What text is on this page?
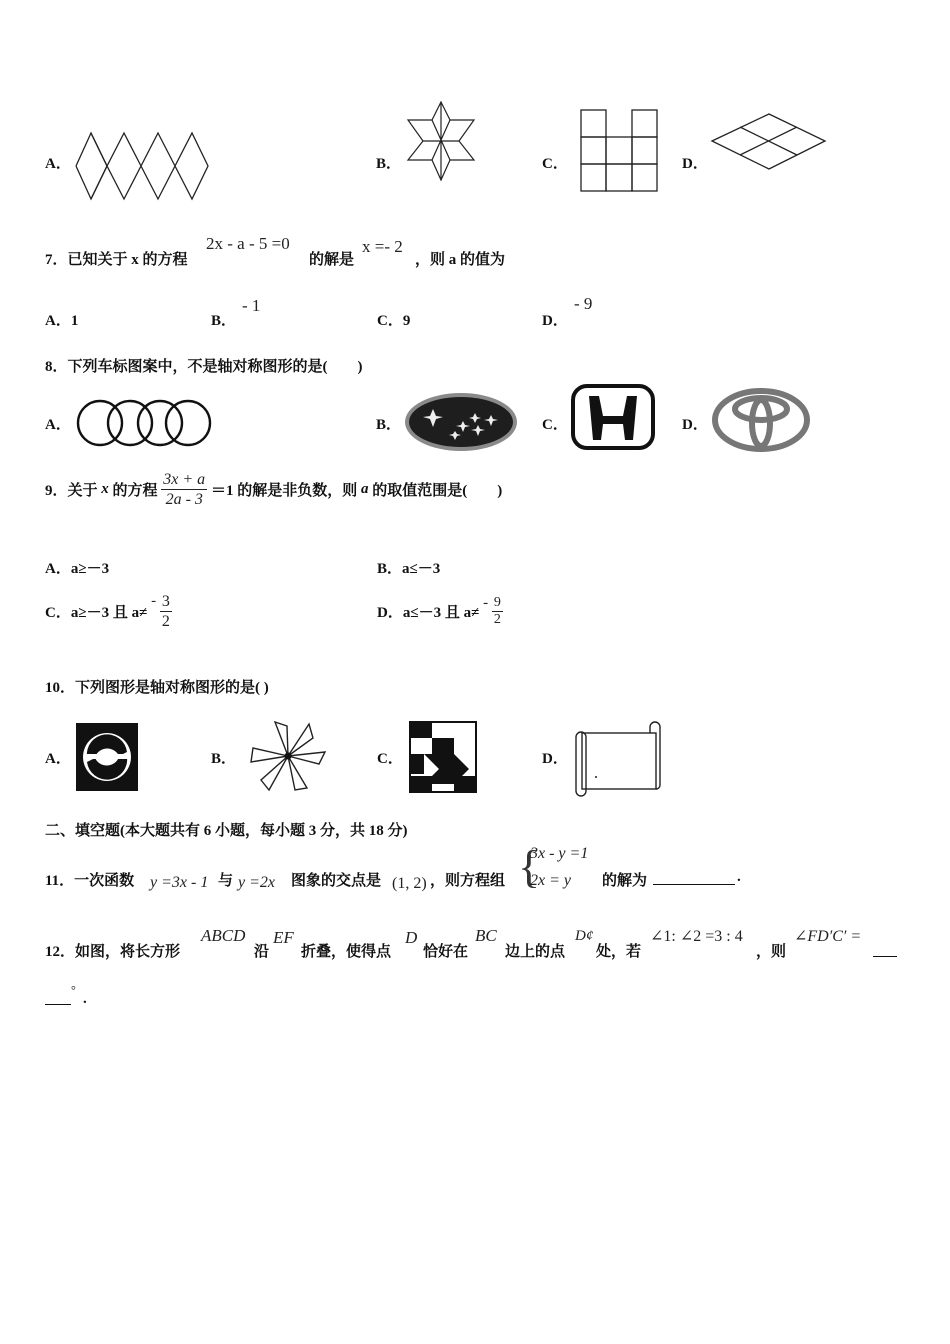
A．	B．	C．	D．
7．已知关于 x 的方程
2x - a - 5 =0
的解是
x =- 2
，则 a 的值为
A．1	B．
- 1
C．9	D．
- 9
8．下列车标图案中，不是轴对称图形的是(　　)
A．	B．	C．	D．
9．关于 x 的方程 $\frac{3x + a}{2a - 3} =1$ 的解是非负数，则 a 的取值范围是(　　)
A．a≥－3	B．a≤－3
C．a≥－3 且 $a\ne - \frac{3}{2}$	D．a≤－3 且 $a\ne - \frac{9}{2}$
10．下列图形是轴对称图形的是( )
A．	B．	C．	D．
二、填空题(本大题共有 6 小题，每小题 3 分，共 18 分)
11．一次函数 y =3x - 1 与 y =2x 图象的交点是 (1, 2) ，则方程组 {
3x - y =1
2x = y 的解为	.
12．如图，将长方形
ABCD
沿
EF
折叠，使得点
D
恰好在
BC
边上的点
D¢
处，若
∠1: ∠2 =3 : 4
，则
∠FD′C′ =
°
.
